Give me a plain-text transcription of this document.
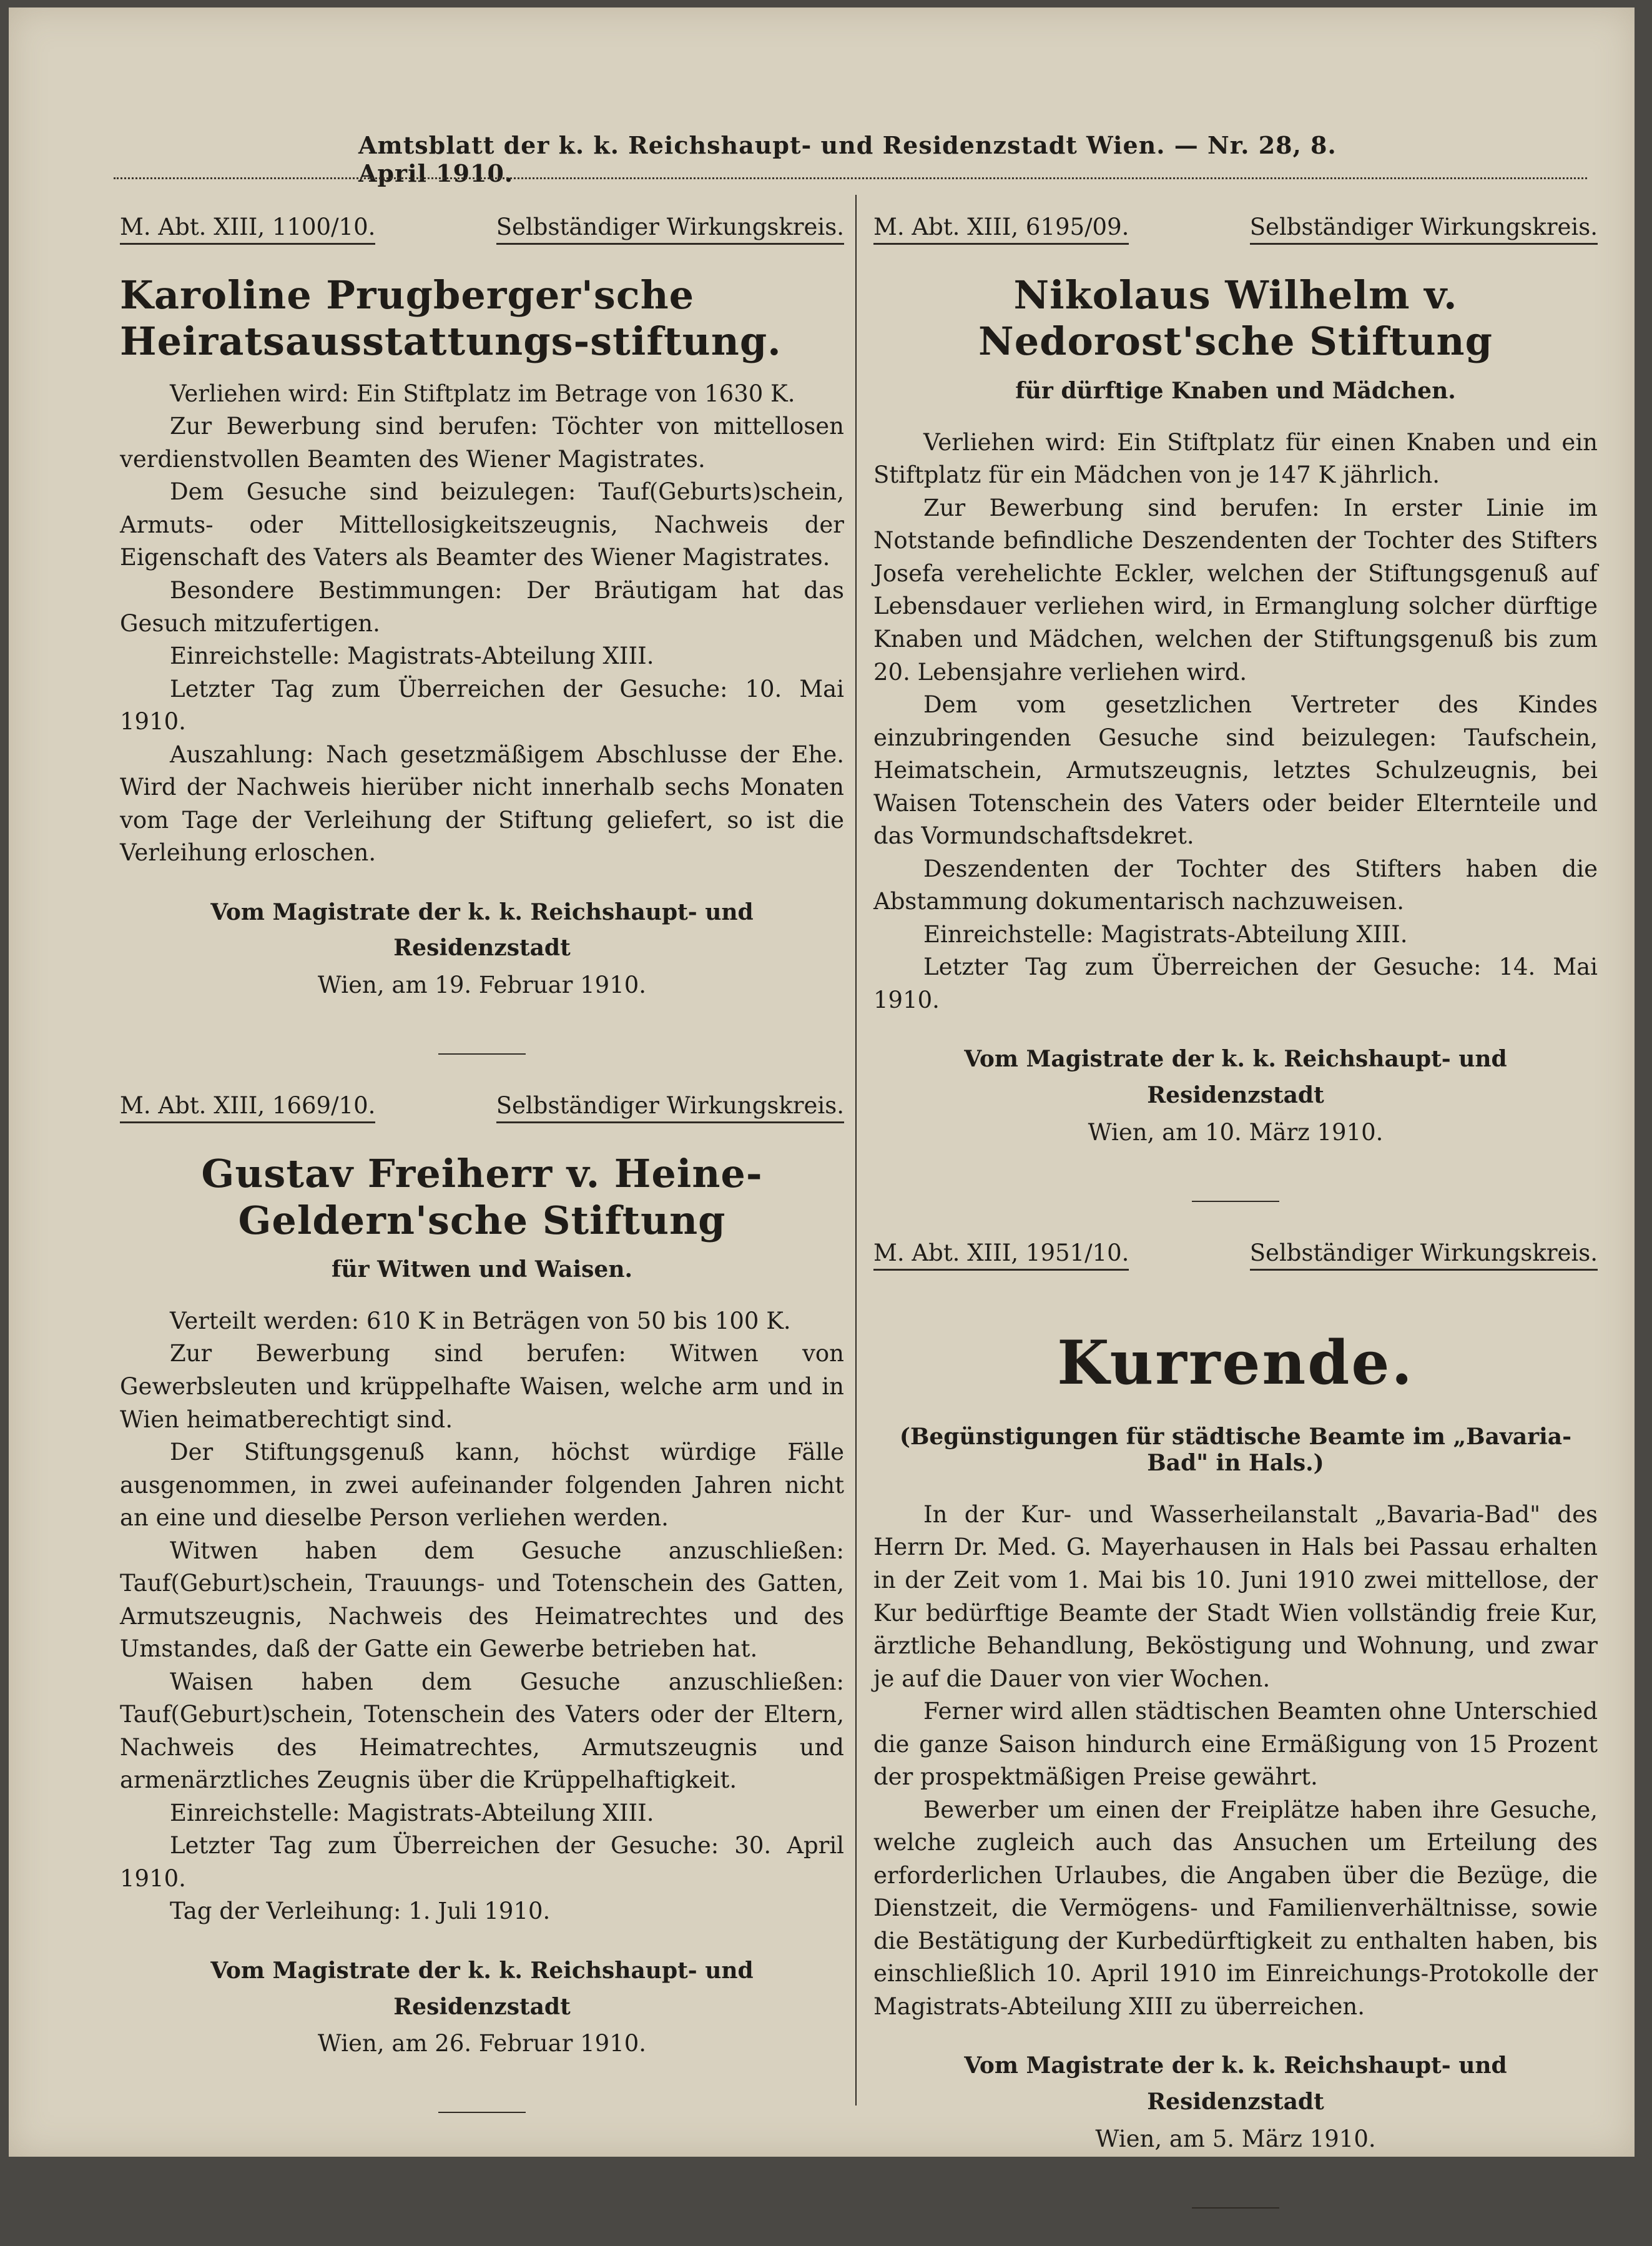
Amtsblatt der k. k. Reichshaupt- und Residenzstadt Wien. — Nr. 28, 8. April 1910.
M. Abt. XIII, 1100/10.	Selbständiger Wirkungskreis.
Karoline Prugberger'sche Heiratsausstattungs-stiftung.

Verliehen wird: Ein Stiftplatz im Betrage von 1630 K.

Zur Bewerbung sind berufen: Töchter von mittellosen verdienstvollen Beamten des Wiener Magistrates.

Dem Gesuche sind beizulegen: Tauf(Geburts)schein, Armuts- oder Mittellosigkeitszeugnis, Nachweis der Eigenschaft des Vaters als Beamter des Wiener Magistrates.

Besondere Bestimmungen: Der Bräutigam hat das Gesuch mitzufertigen.

Einreichstelle: Magistrats-Abteilung XIII.

Letzter Tag zum Überreichen der Gesuche: 10. Mai 1910.

Auszahlung: Nach gesetzmäßigem Abschlusse der Ehe. Wird der Nachweis hierüber nicht innerhalb sechs Monaten vom Tage der Verleihung der Stiftung geliefert, so ist die Verleihung erloschen.

Vom Magistrate der k. k. Reichshaupt- und Residenzstadt
Wien, am 19. Februar 1910.
M. Abt. XIII, 1669/10.	Selbständiger Wirkungskreis.
Gustav Freiherr v. Heine-Geldern'sche Stiftung
für Witwen und Waisen.

Verteilt werden: 610 K in Beträgen von 50 bis 100 K.

Zur Bewerbung sind berufen: Witwen von Gewerbsleuten und krüppelhafte Waisen, welche arm und in Wien heimatberechtigt sind.

Der Stiftungsgenuß kann, höchst würdige Fälle ausgenommen, in zwei aufeinander folgenden Jahren nicht an eine und dieselbe Person verliehen werden.

Witwen haben dem Gesuche anzuschließen: Tauf(Geburt)schein, Trauungs- und Totenschein des Gatten, Armutszeugnis, Nachweis des Heimatrechtes und des Umstandes, daß der Gatte ein Gewerbe betrieben hat.

Waisen haben dem Gesuche anzuschließen: Tauf(Geburt)schein, Totenschein des Vaters oder der Eltern, Nachweis des Heimatrechtes, Armutszeugnis und armenärztliches Zeugnis über die Krüppelhaftigkeit.

Einreichstelle: Magistrats-Abteilung XIII.

Letzter Tag zum Überreichen der Gesuche: 30. April 1910.

Tag der Verleihung: 1. Juli 1910.

Vom Magistrate der k. k. Reichshaupt- und Residenzstadt
Wien, am 26. Februar 1910.
M. Abt. XIII, 6195/09.	Selbständiger Wirkungskreis.
Nikolaus Wilhelm v. Nedorost'sche Stiftung
für dürftige Knaben und Mädchen.

Verliehen wird: Ein Stiftplatz für einen Knaben und ein Stiftplatz für ein Mädchen von je 147 K jährlich.

Zur Bewerbung sind berufen: In erster Linie im Notstande befindliche Deszendenten der Tochter des Stifters Josefa verehelichte Eckler, welchen der Stiftungsgenuß auf Lebensdauer verliehen wird, in Ermanglung solcher dürftige Knaben und Mädchen, welchen der Stiftungsgenuß bis zum 20. Lebensjahre verliehen wird.

Dem vom gesetzlichen Vertreter des Kindes einzubringenden Gesuche sind beizulegen: Taufschein, Heimatschein, Armutszeugnis, letztes Schulzeugnis, bei Waisen Totenschein des Vaters oder beider Elternteile und das Vormundschaftsdekret.

Deszendenten der Tochter des Stifters haben die Abstammung dokumentarisch nachzuweisen.

Einreichstelle: Magistrats-Abteilung XIII.

Letzter Tag zum Überreichen der Gesuche: 14. Mai 1910.

Vom Magistrate der k. k. Reichshaupt- und Residenzstadt
Wien, am 10. März 1910.
M. Abt. XIII, 1951/10.	Selbständiger Wirkungskreis.
Kurrende.
(Begünstigungen für städtische Beamte im „Bavaria-Bad" in Hals.)

In der Kur- und Wasserheilanstalt „Bavaria-Bad" des Herrn Dr. Med. G. Mayerhausen in Hals bei Passau erhalten in der Zeit vom 1. Mai bis 10. Juni 1910 zwei mittellose, der Kur bedürftige Beamte der Stadt Wien vollständig freie Kur, ärztliche Behandlung, Beköstigung und Wohnung, und zwar je auf die Dauer von vier Wochen.

Ferner wird allen städtischen Beamten ohne Unterschied die ganze Saison hindurch eine Ermäßigung von 15 Prozent der prospektmäßigen Preise gewährt.

Bewerber um einen der Freiplätze haben ihre Gesuche, welche zugleich auch das Ansuchen um Erteilung des erforderlichen Urlaubes, die Angaben über die Bezüge, die Dienstzeit, die Vermögens- und Familienverhältnisse, sowie die Bestätigung der Kurbedürftigkeit zu enthalten haben, bis einschließlich 10. April 1910 im Einreichungs-Protokolle der Magistrats-Abteilung XIII zu überreichen.

Vom Magistrate der k. k. Reichshaupt- und Residenzstadt
Wien, am 5. März 1910.
